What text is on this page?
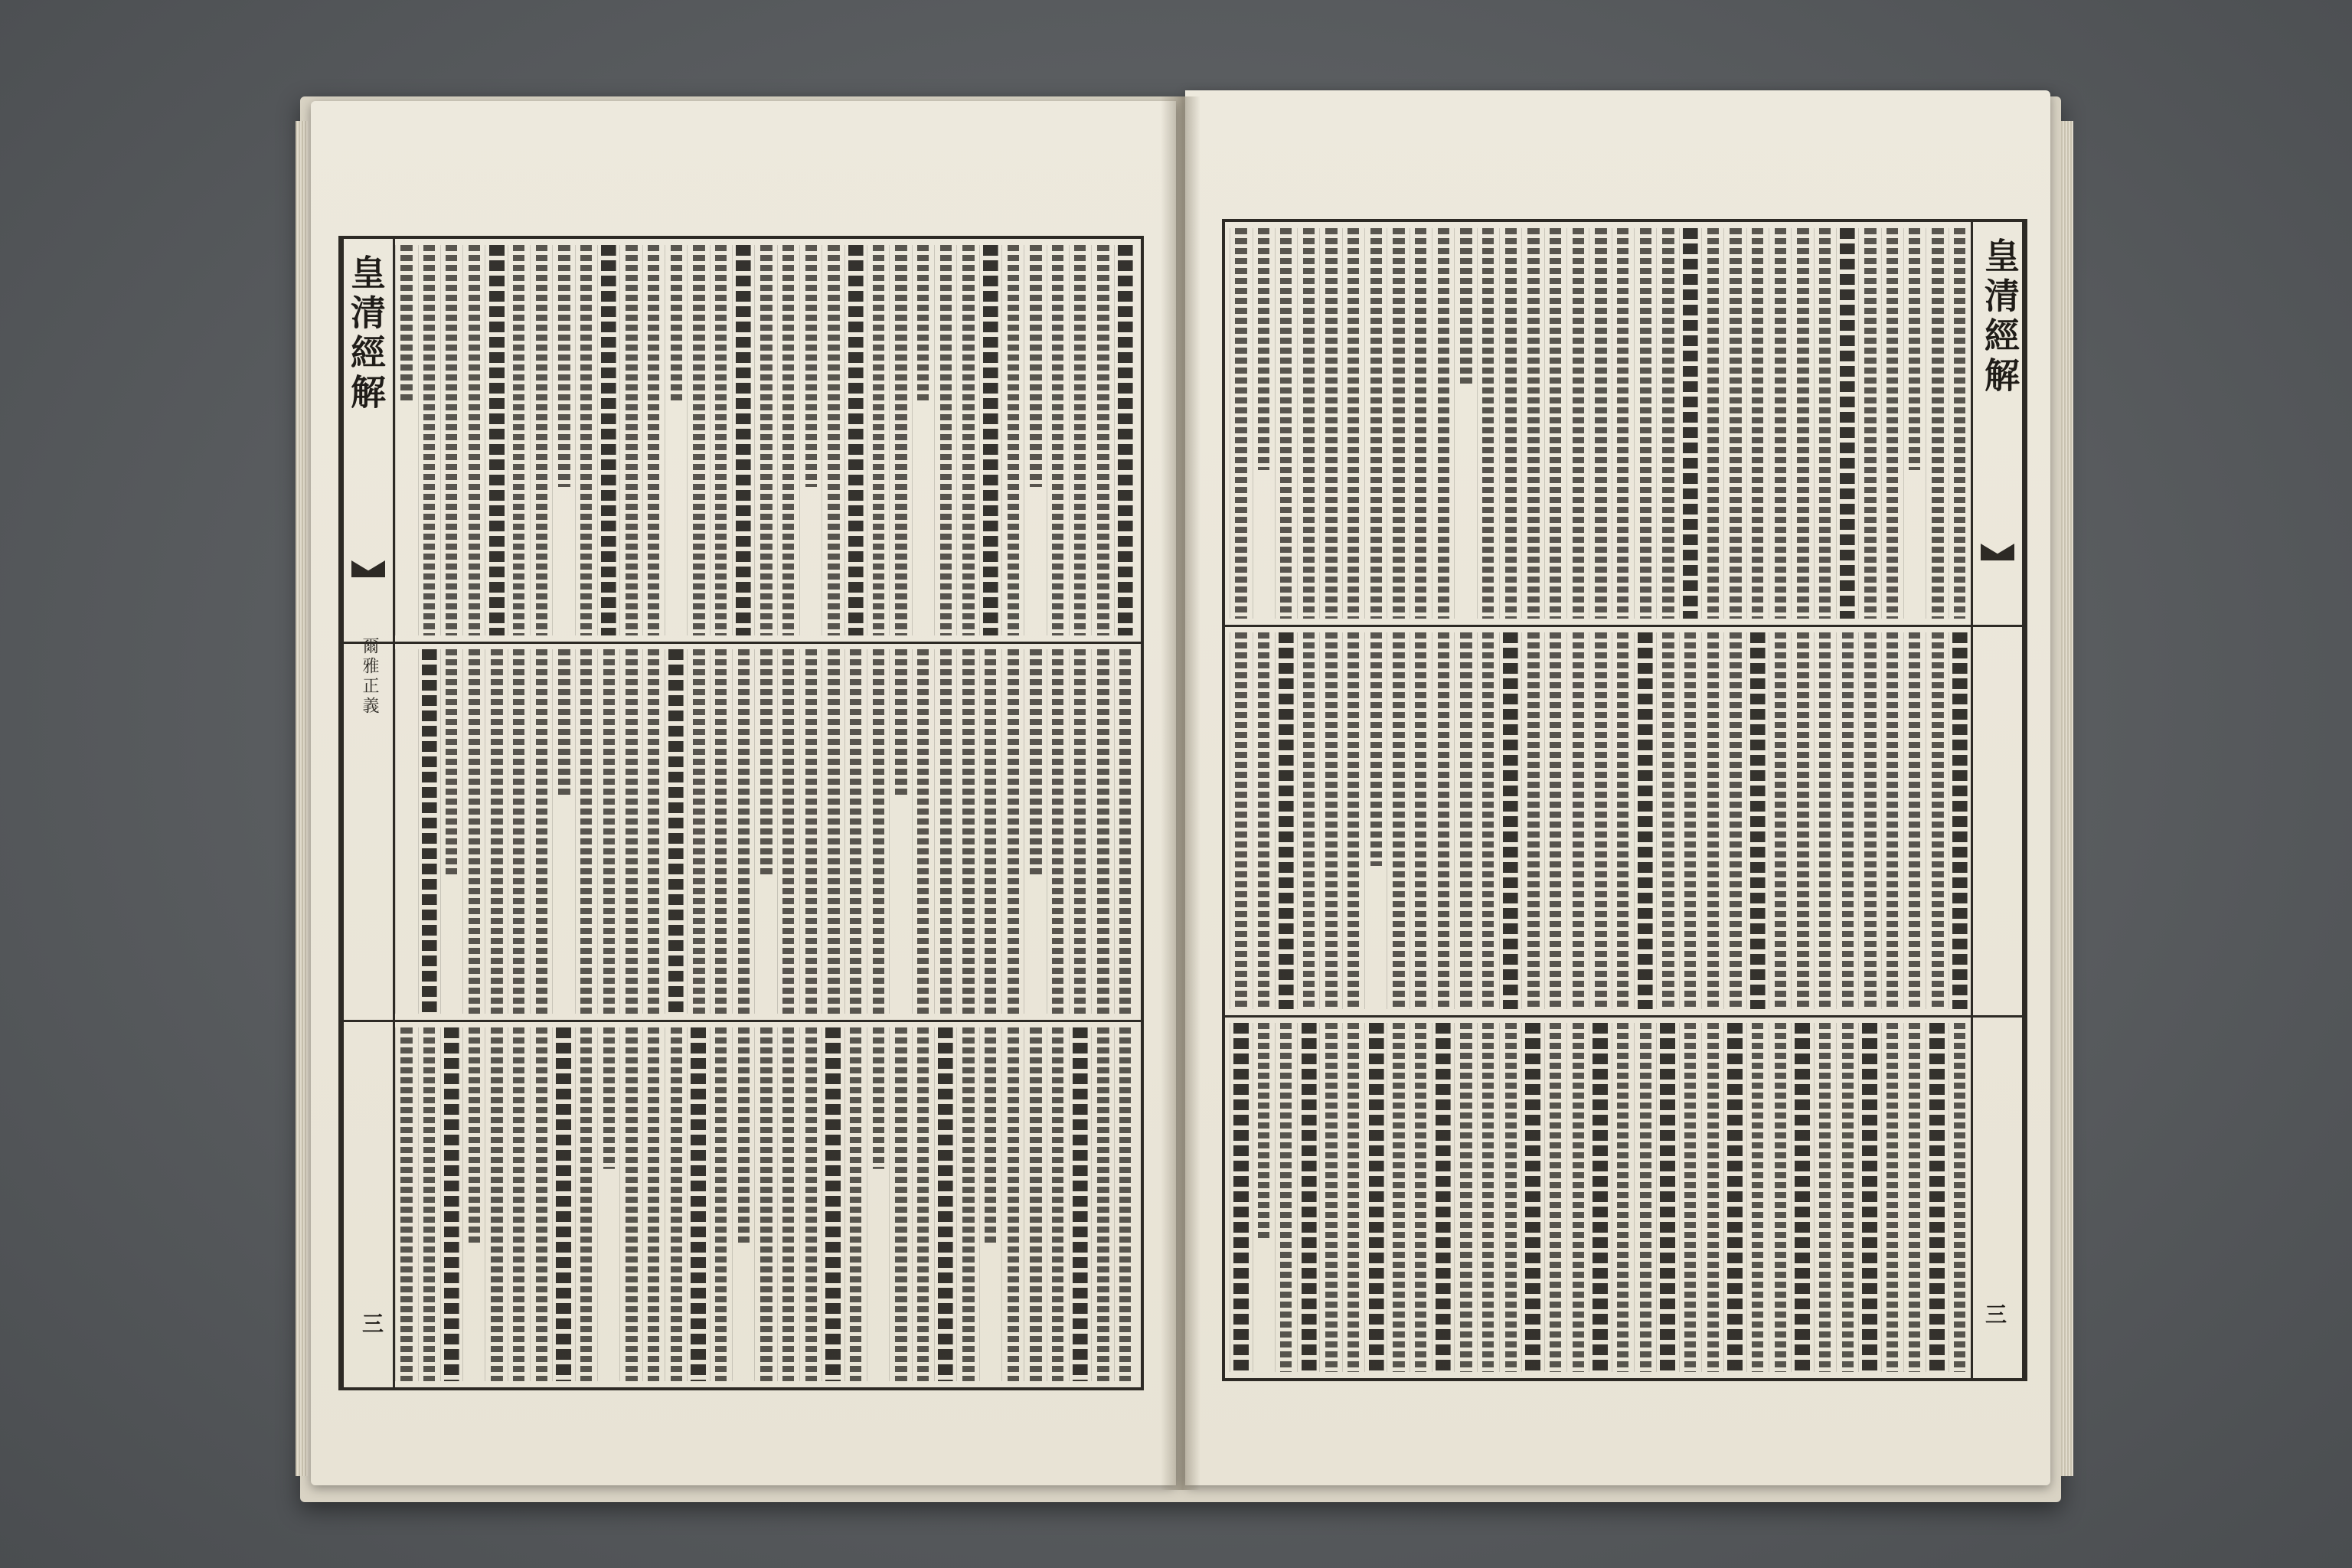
皇清經解
爾雅正義
三
皇清經解
三
